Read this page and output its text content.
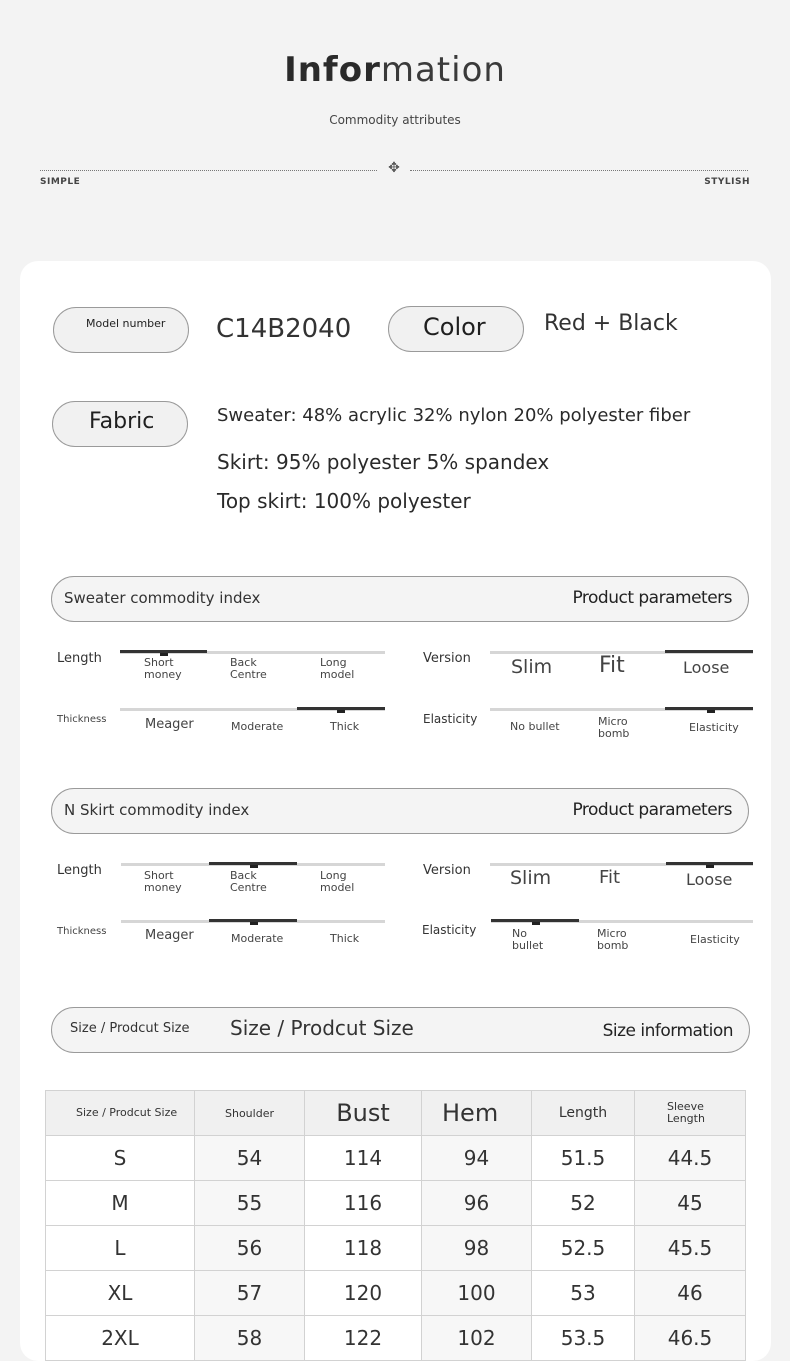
Information
Commodity attributes
✥
SIMPLE	STYLISH
Model number C14B2040	Color	Red + Black
Fabric	Sweater: 48% acrylic 32% nylon 20% polyester fiber
Skirt: 95% polyester 5% spandex
Top skirt: 100% polyester
Sweater commodity index	Product parameters
Length	Short money
Back Centre
Long model
Thickness	Meager	Moderate	Thick
Version Slim Fit	Loose
Elasticity
No bullet	Micro bomb	Elasticity
N Skirt commodity index	Product parameters
Length	Short money
Back Centre
Long model
Thickness	Meager	Moderate	Thick
Version Slim	Fit	Loose
Elasticity	No bullet
Micro bomb	Elasticity
Size / Prodcut Size Size / Prodcut Size	Size information
Size / Prodcut Size	Shoulder	Bust	Hem	Length	Sleeve Length
S	54	114	94	51.5	44.5
M	55	116	96	52	45
L	56	118	98	52.5	45.5
XL	57	120	100	53	46
2XL	58	122	102	53.5	46.5
